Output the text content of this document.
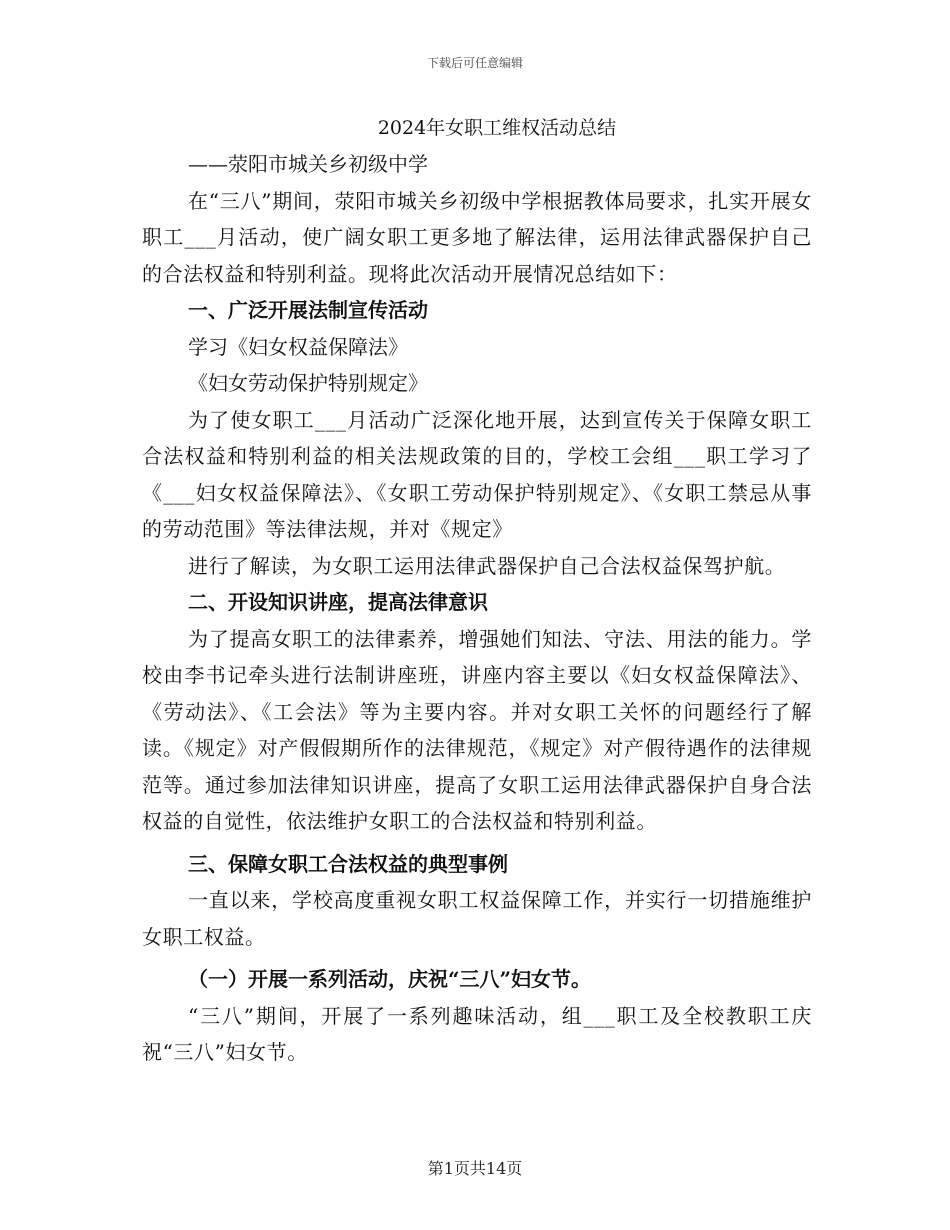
下载后可任意编辑
2024年女职工维权活动总结
——荥阳市城关乡初级中学
在“三八”期间，荥阳市城关乡初级中学根据教体局要求，扎实开展女职工___月活动，使广阔女职工更多地了解法律，运用法律武器保护自己的合法权益和特别利益。现将此次活动开展情况总结如下：
一、广泛开展法制宣传活动
学习《妇女权益保障法》
《妇女劳动保护特别规定》
为了使女职工___月活动广泛深化地开展，达到宣传关于保障女职工合法权益和特别利益的相关法规政策的目的，学校工会组___职工学习了《___妇女权益保障法》、《女职工劳动保护特别规定》、《女职工禁忌从事的劳动范围》等法律法规，并对《规定》
进行了解读，为女职工运用法律武器保护自己合法权益保驾护航。
二、开设知识讲座，提高法律意识
为了提高女职工的法律素养，增强她们知法、守法、用法的能力。学校由李书记牵头进行法制讲座班，讲座内容主要以《妇女权益保障法》、《劳动法》、《工会法》等为主要内容。并对女职工关怀的问题经行了解读。《规定》对产假假期所作的法律规范，《规定》对产假待遇作的法律规范等。通过参加法律知识讲座，提高了女职工运用法律武器保护自身合法权益的自觉性，依法维护女职工的合法权益和特别利益。
三、保障女职工合法权益的典型事例
一直以来，学校高度重视女职工权益保障工作，并实行一切措施维护女职工权益。
（一）开展一系列活动，庆祝“三八”妇女节。
“三八”期间，开展了一系列趣味活动，组___职工及全校教职工庆祝“三八”妇女节。
第1页共14页
